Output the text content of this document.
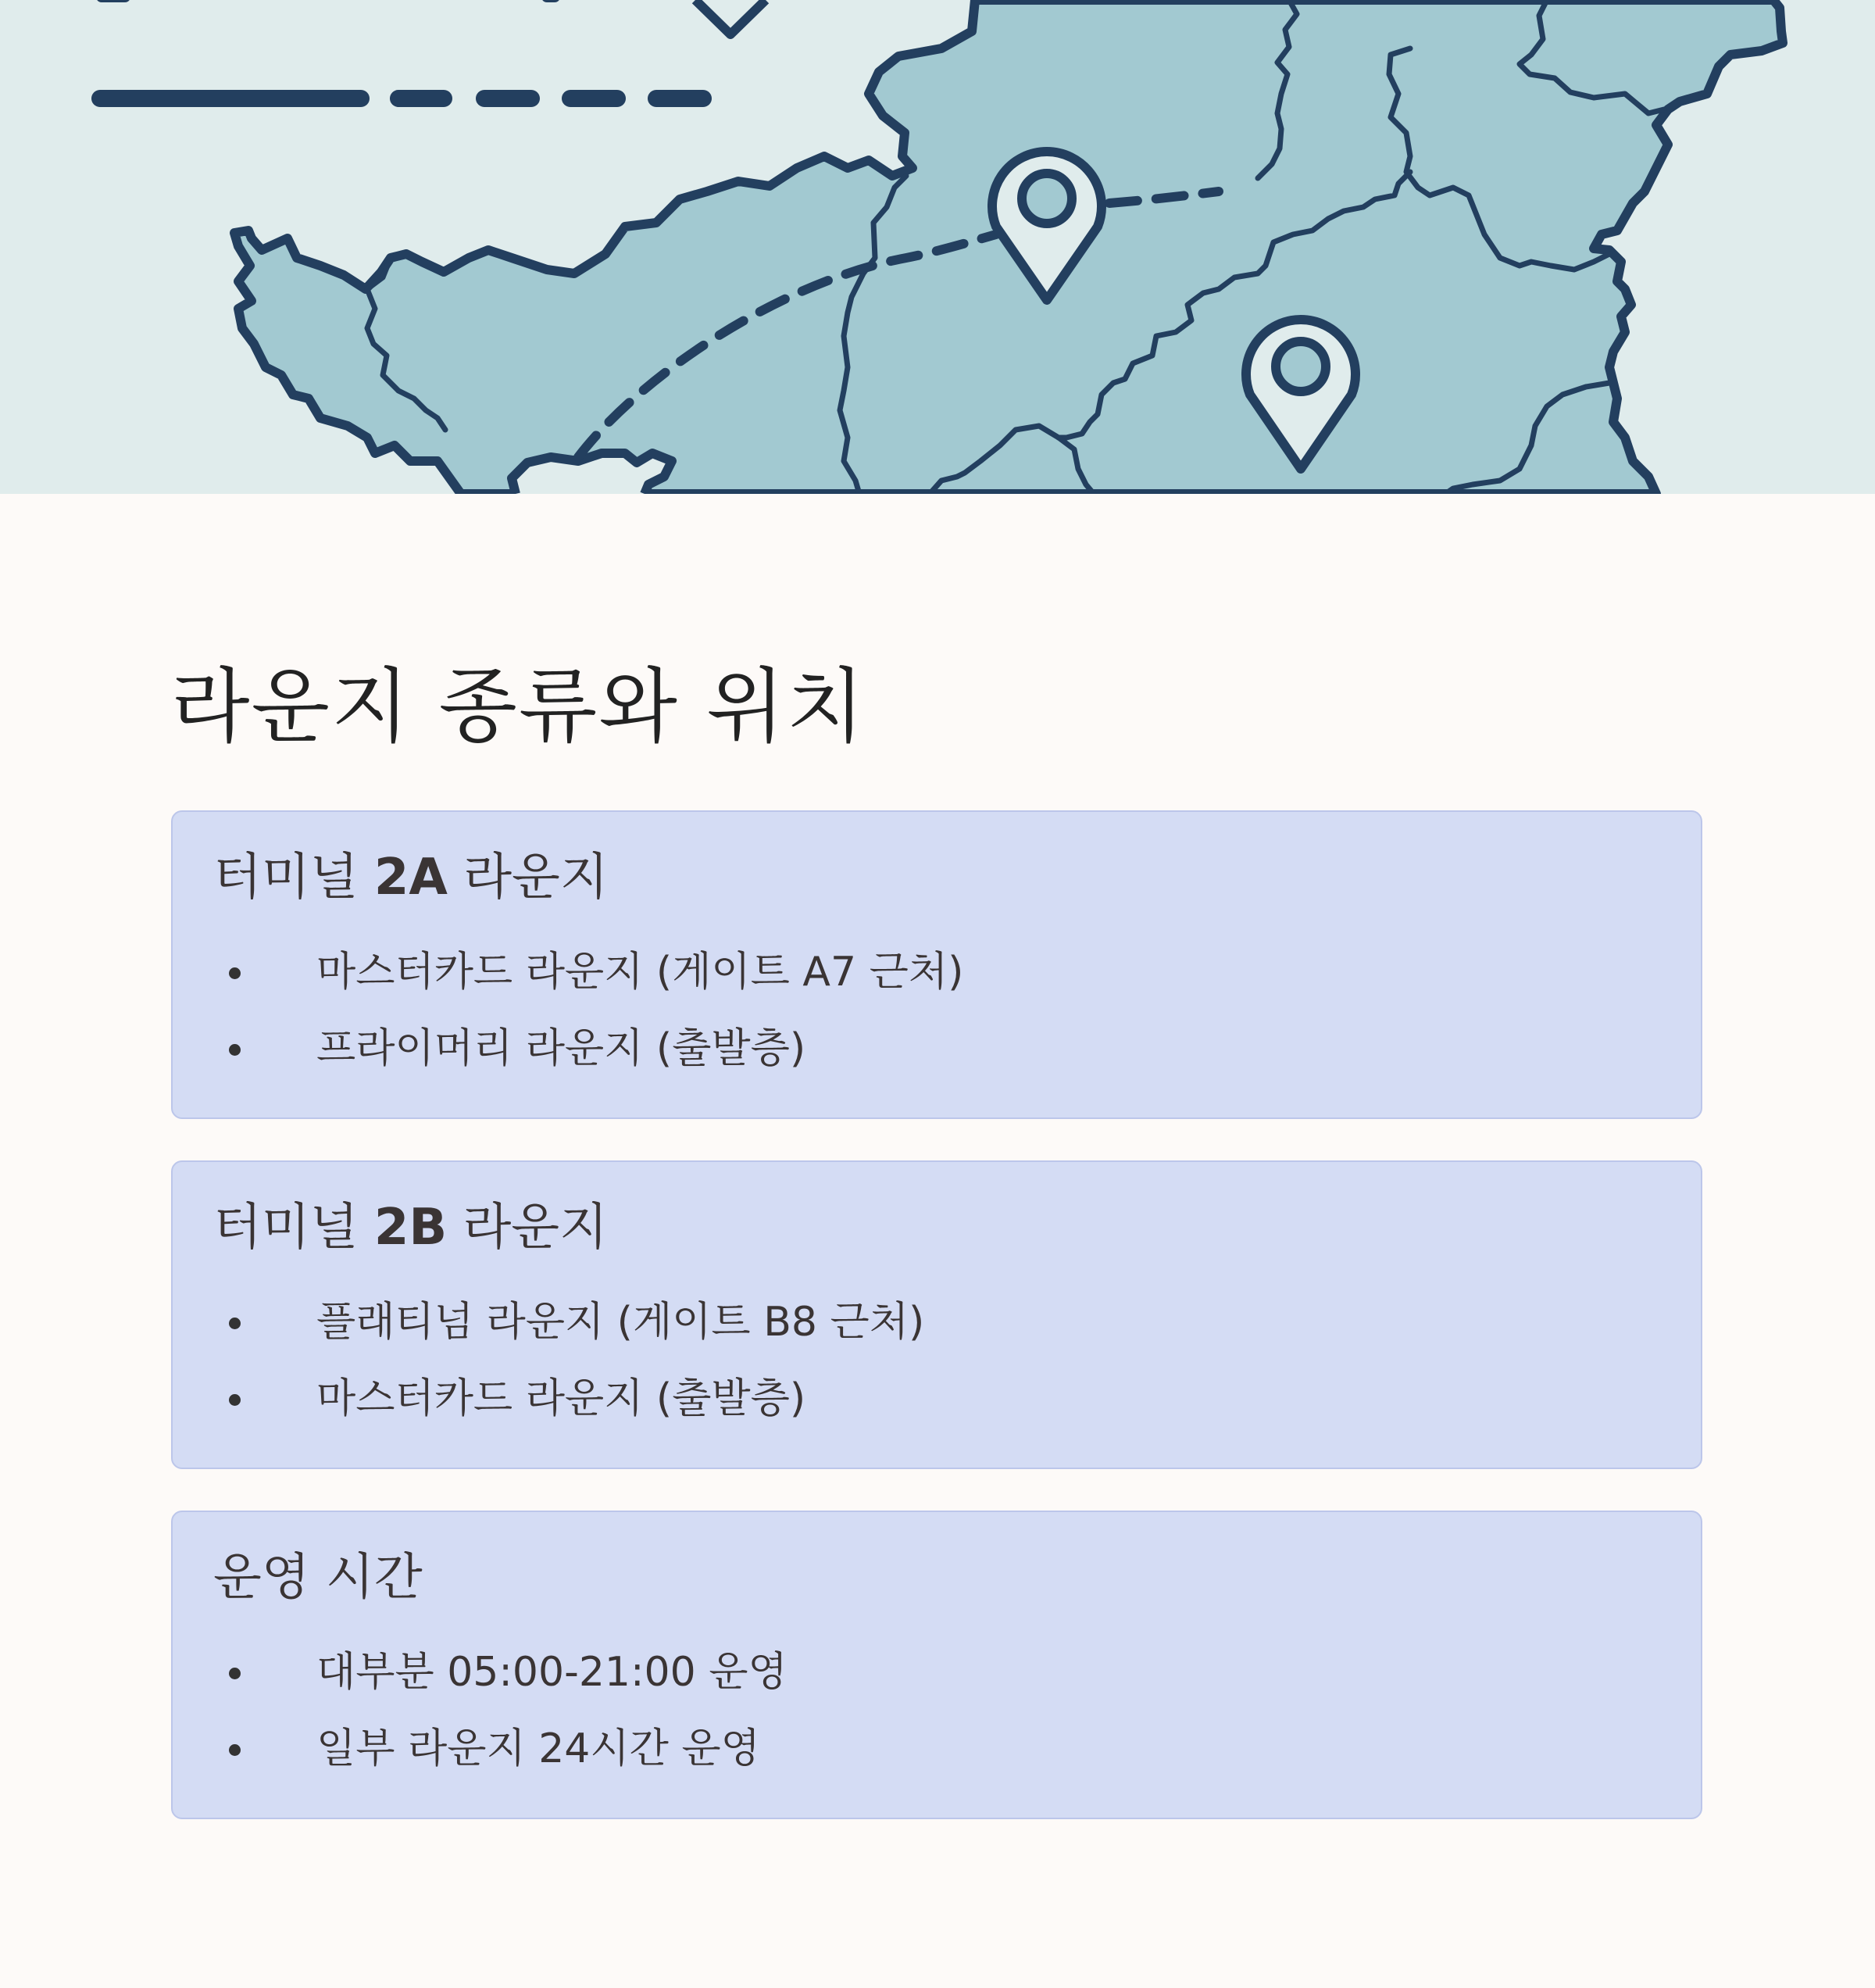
라운지 종류와 위치
터미널 2A 라운지
마스터카드 라운지 (게이트 A7 근처)
프라이머리 라운지 (출발층)
터미널 2B 라운지
플래티넘 라운지 (게이트 B8 근처)
마스터카드 라운지 (출발층)
운영 시간
대부분 05:00-21:00 운영
일부 라운지 24시간 운영
